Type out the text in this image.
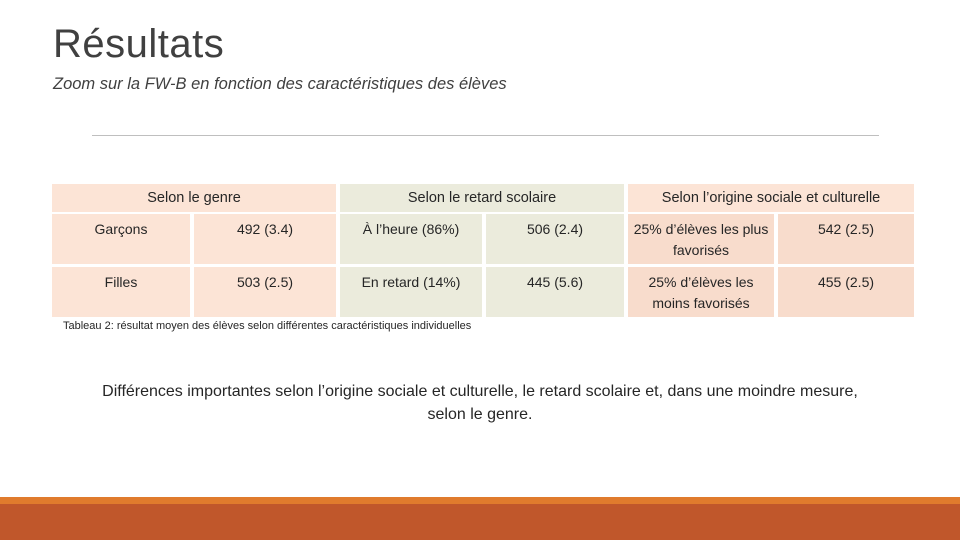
Résultats
Zoom sur la FW-B en fonction des caractéristiques des élèves
Selon le genre		Selon le retard scolaire		Selon l’origine sociale et culturelle	
Garçons	492 (3.4)	À l’heure (86%)	506 (2.4)	25% d’élèves les plus favorisés	542 (2.5)
Filles	503 (2.5)	En retard (14%)	445 (5.6)	25% d’élèves les moins favorisés	455 (2.5)
Tableau 2: résultat moyen des élèves selon différentes caractéristiques individuelles
Différences importantes selon l’origine sociale et culturelle, le retard scolaire et, dans une moindre mesure, selon le genre.
